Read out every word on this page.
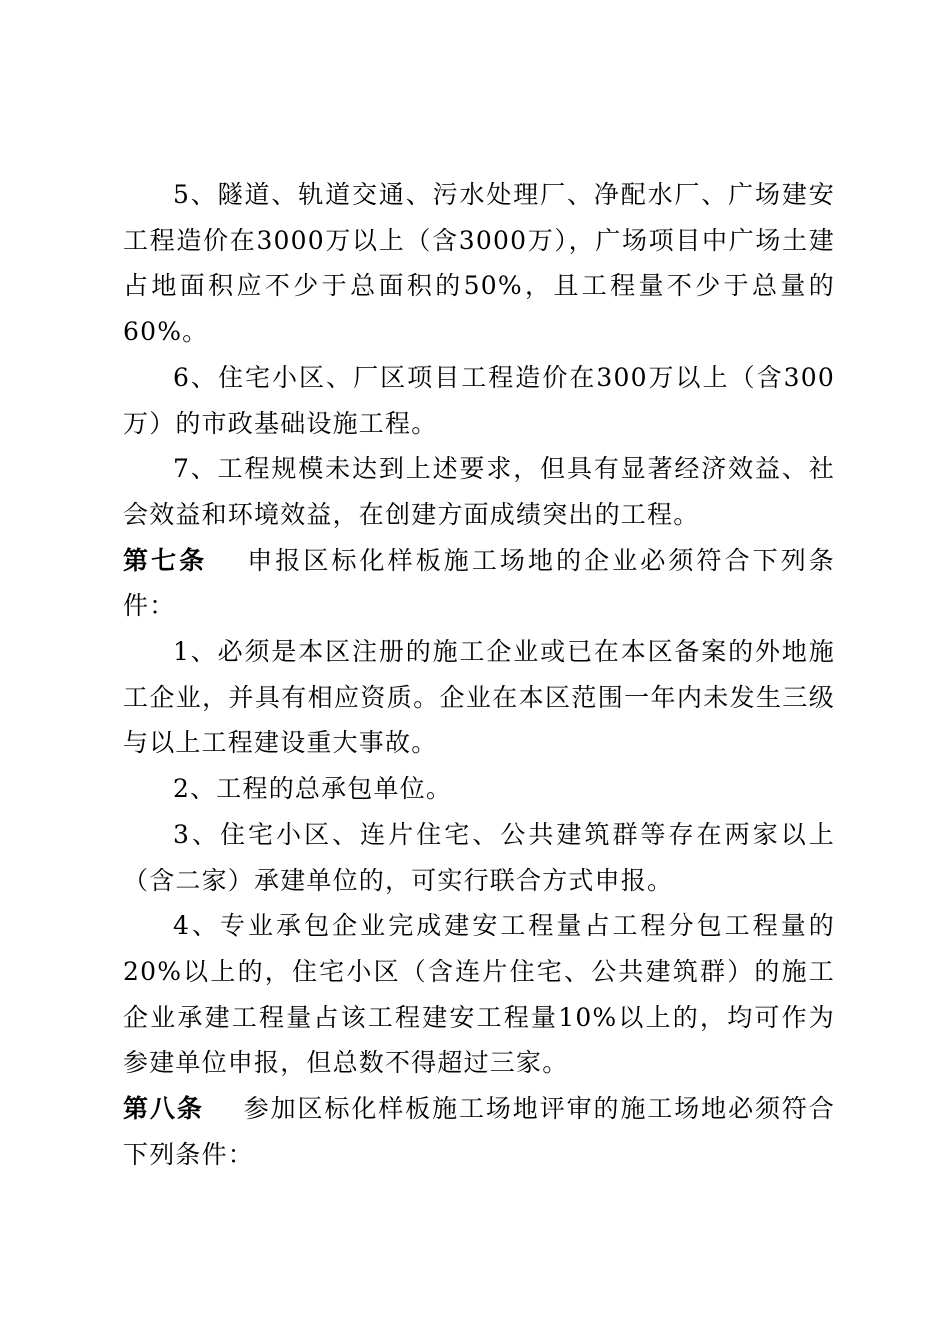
5、隧道、轨道交通、污水处理厂、净配水厂、广场建安工程造价在3000万以上（含3000万），广场项目中广场土建占地面积应不少于总面积的50%，且工程量不少于总量的60%。

6、住宅小区、厂区项目工程造价在300万以上（含300万）的市政基础设施工程。

7、工程规模未达到上述要求，但具有显著经济效益、社会效益和环境效益，在创建方面成绩突出的工程。

第七条 申报区标化样板施工场地的企业必须符合下列条件：

1、必须是本区注册的施工企业或已在本区备案的外地施工企业，并具有相应资质。企业在本区范围一年内未发生三级与以上工程建设重大事故。

2、工程的总承包单位。

3、住宅小区、连片住宅、公共建筑群等存在两家以上（含二家）承建单位的，可实行联合方式申报。

4、专业承包企业完成建安工程量占工程分包工程量的20%以上的，住宅小区（含连片住宅、公共建筑群）的施工企业承建工程量占该工程建安工程量10%以上的，均可作为参建单位申报，但总数不得超过三家。

第八条 参加区标化样板施工场地评审的施工场地必须符合下列条件：
